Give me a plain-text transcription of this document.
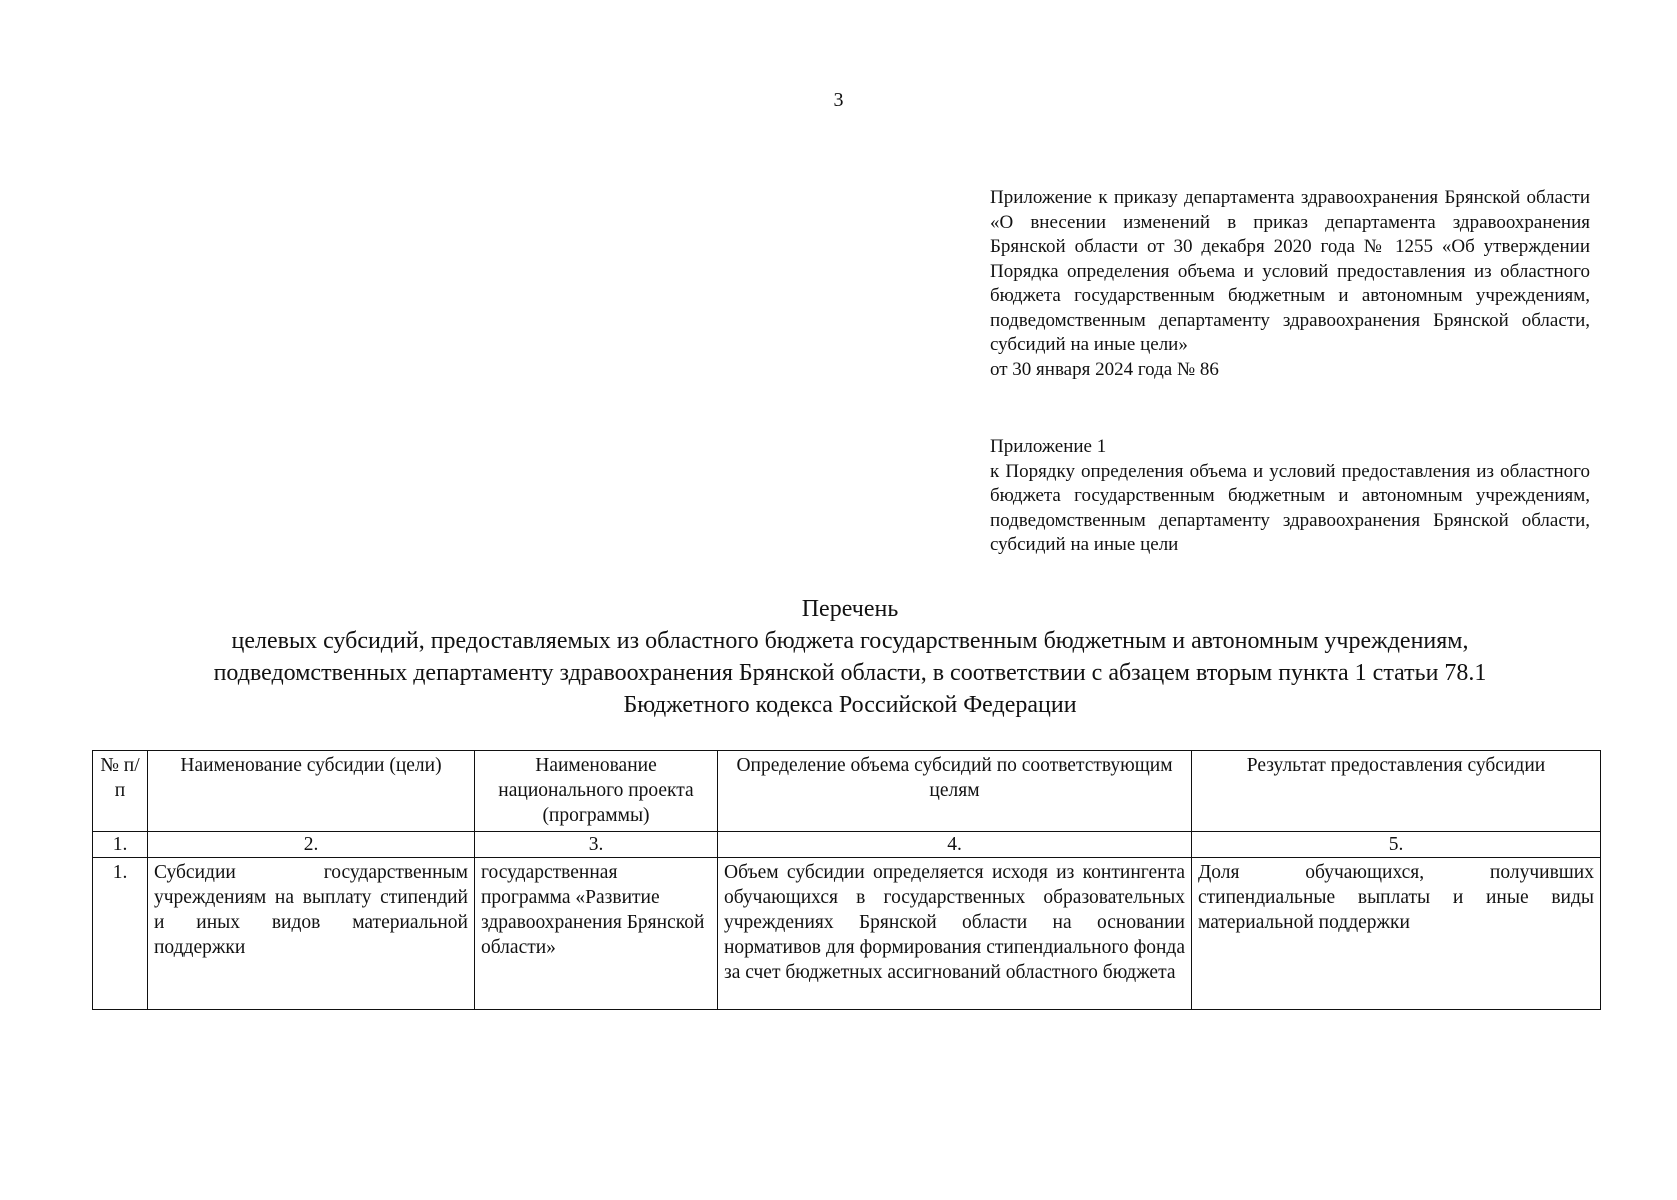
3
Приложение к приказу департамента здравоохранения Брянской области «О внесении изменений в приказ департамента здравоохранения Брянской области от 30 декабря 2020 года № 1255 «Об утверждении Порядка определения объема и условий предоставления из областного бюджета государственным бюджетным и автономным учреждениям, подведомственным департаменту здравоохранения Брянской области, субсидий на иные цели»
от 30 января 2024 года № 86
Приложение 1
к Порядку определения объема и условий предоставления из областного бюджета государственным бюджетным и автономным учреждениям, подведомственным департаменту здравоохранения Брянской области, субсидий на иные цели
Перечень
целевых субсидий, предоставляемых из областного бюджета государственным бюджетным и автономным учреждениям,
подведомственных департаменту здравоохранения Брянской области, в соответствии с абзацем вторым пункта 1 статьи 78.1
Бюджетного кодекса Российской Федерации
№ п/п	Наименование субсидии (цели)	Наименование национального проекта (программы)	Определение объема субсидий по соответствующим целям	Результат предоставления субсидии
1.	2.	3.	4.	5.
1.	Субсидии государственным учреждениям на выплату стипендий и иных видов материальной поддержки	государственная программа «Развитие здравоохранения Брянской области»	Объем субсидии определяется исходя из контингента обучающихся в государственных образовательных учреждениях Брянской области на основании нормативов для формирования стипендиального фонда за счет бюджетных ассигнований областного бюджета	Доля обучающихся, получивших стипендиальные выплаты и иные виды материальной поддержки
